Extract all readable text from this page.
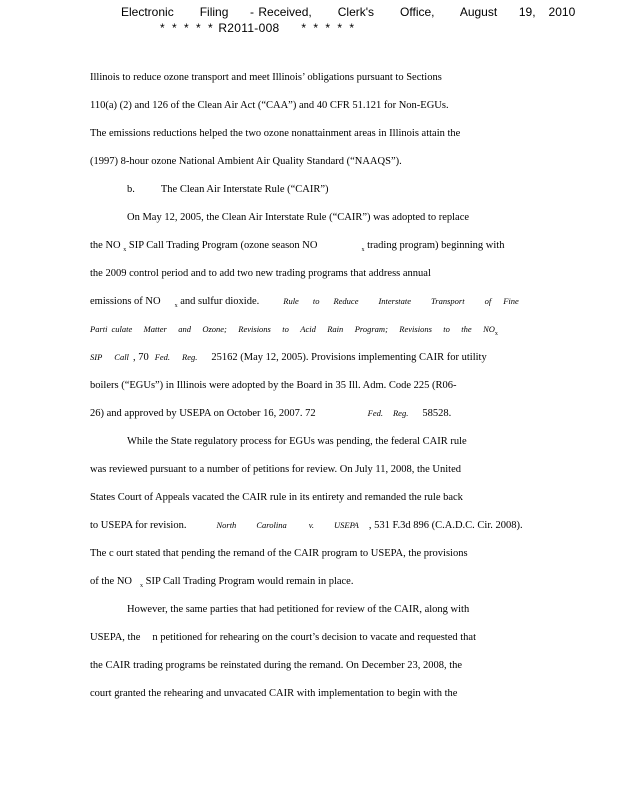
Electronic      Filing     - Received,      Clerk's      Office,      August     19,   2010
* * * * * R2011-008 * * * * *
Illinois to reduce ozone transport and meet Illinois’ obligations pursuant to Sections
110(a) (2) and 126 of the Clean Air Act (“CAA”) and 40 CFR 51.121 for Non-EGUs.
The emissions reductions helped the two ozone nonattainment areas in Illinois attain the
(1997) 8-hour ozone National Ambient Air Quality Standard (“NAAQS”).
b. The Clean Air Interstate Rule (“CAIR”)
On May 12, 2005, the Clean Air Interstate Rule (“CAIR”) was adopted to replace
the NO $_x$ SIP Call Trading Program (ozone season NO	$_x$ trading program) beginning with
the 2009 control period and to add two new trading programs that address annual
emissions of NO $_x$ and sulfur dioxide.	Rule to Reduce Interstate Transport of Fine
Parti culate Matter and Ozone; Revisions to Acid Rain Program; Revisions to the $NO_x$
SIP Call , 70 Fed. Reg. 25162 (May 12, 2005). Provisions implementing CAIR for utility
boilers (“EGUs”) in Illinois were adopted by the Board in 35 Ill. Adm. Code 225 (R06-
26) and approved by USEPA on October 16, 2007. 72	Fed. Reg. 58528.
While the State regulatory process for EGUs was pending, the federal CAIR rule
was reviewed pursuant to a number of petitions for review. On July 11, 2008, the United
States Court of Appeals vacated the CAIR rule in its entirety and remanded the rule back
to USEPA for revision.	North Carolina	v. USEPA , 531 F.3d 896 (C.A.D.C. Cir. 2008).
The c ourt stated that pending the remand of the CAIR program to USEPA, the provisions
of the NO $_x$ SIP Call Trading Program would remain in place.
However, the same parties that had petitioned for review of the CAIR, along with
USEPA, the n petitioned for rehearing on the court’s decision to vacate and requested that
the CAIR trading programs be reinstated during the remand. On December 23, 2008, the
court granted the rehearing and unvacated CAIR with implementation to begin with the
